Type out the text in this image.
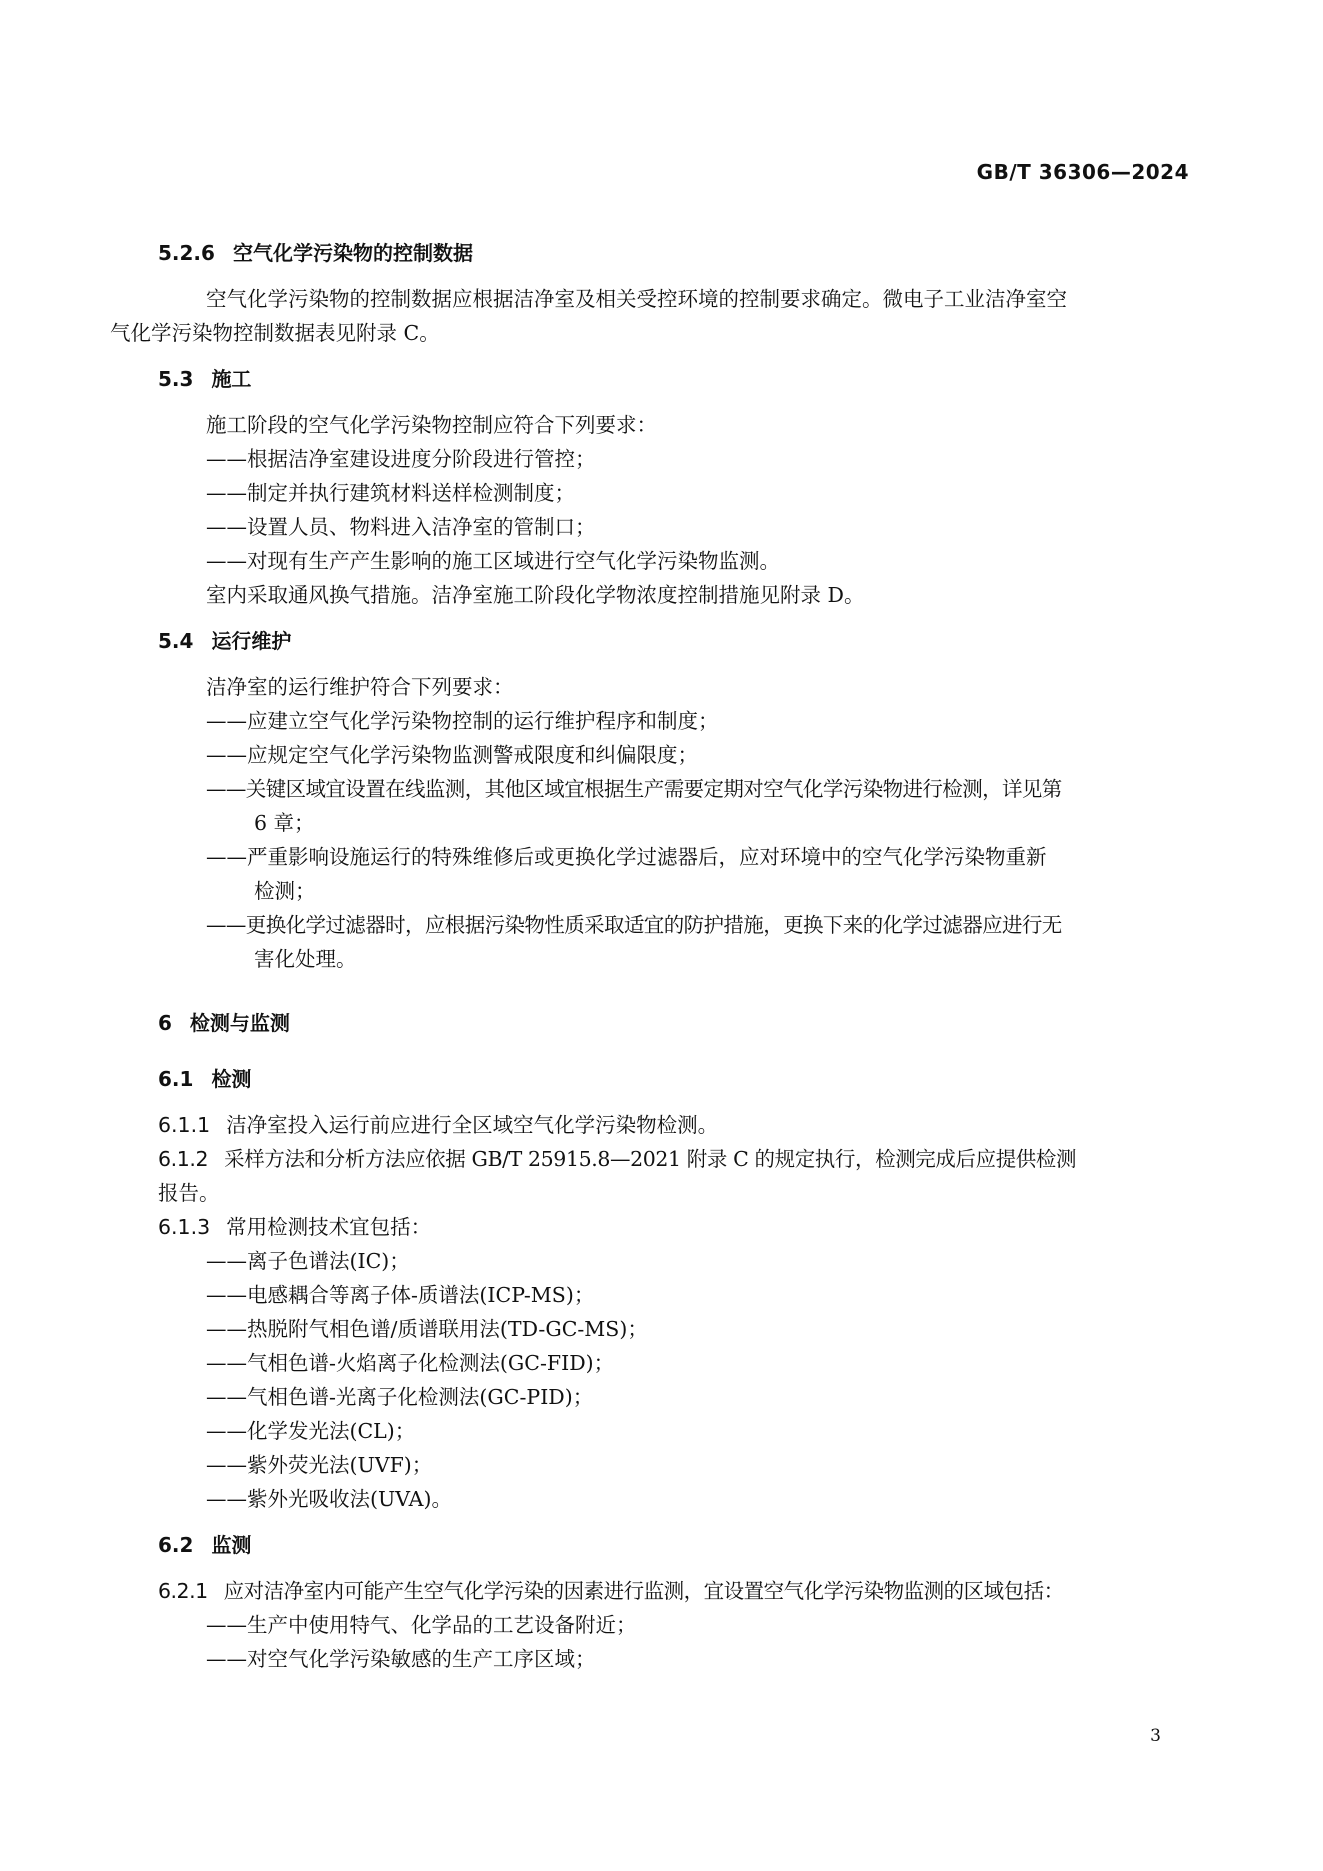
GB/T 36306—2024
5.2.6 空气化学污染物的控制数据

空气化学污染物的控制数据应根据洁净室及相关受控环境的控制要求确定。微电子工业洁净室空
气化学污染物控制数据表见附录 C。

5.3 施工

施工阶段的空气化学污染物控制应符合下列要求：

——根据洁净室建设进度分阶段进行管控；
——制定并执行建筑材料送样检测制度；
——设置人员、物料进入洁净室的管制口；
——对现有生产产生影响的施工区域进行空气化学污染物监测。

室内采取通风换气措施。洁净室施工阶段化学物浓度控制措施见附录 D。

5.4 运行维护

洁净室的运行维护符合下列要求：

——应建立空气化学污染物控制的运行维护程序和制度；
——应规定空气化学污染物监测警戒限度和纠偏限度；
——关键区域宜设置在线监测，其他区域宜根据生产需要定期对空气化学污染物进行检测，详见第
6 章；
——严重影响设施运行的特殊维修后或更换化学过滤器后，应对环境中的空气化学污染物重新
检测；
——更换化学过滤器时，应根据污染物性质采取适宜的防护措施，更换下来的化学过滤器应进行无
害化处理。
6 检测与监测
6.1 检测
6.1.1 洁净室投入运行前应进行全区域空气化学污染物检测。
6.1.2 采样方法和分析方法应依据 GB/T 25915.8—2021 附录 C 的规定执行，检测完成后应提供检测
报告。
6.1.3 常用检测技术宜包括：
——离子色谱法(IC)；
——电感耦合等离子体-质谱法(ICP-MS)；
——热脱附气相色谱/质谱联用法(TD-GC-MS)；
——气相色谱-火焰离子化检测法(GC-FID)；
——气相色谱-光离子化检测法(GC-PID)；
——化学发光法(CL)；
——紫外荧光法(UVF)；
——紫外光吸收法(UVA)。
6.2 监测
6.2.1 应对洁净室内可能产生空气化学污染的因素进行监测，宜设置空气化学污染物监测的区域包括：
——生产中使用特气、化学品的工艺设备附近；
——对空气化学污染敏感的生产工序区域；
3
